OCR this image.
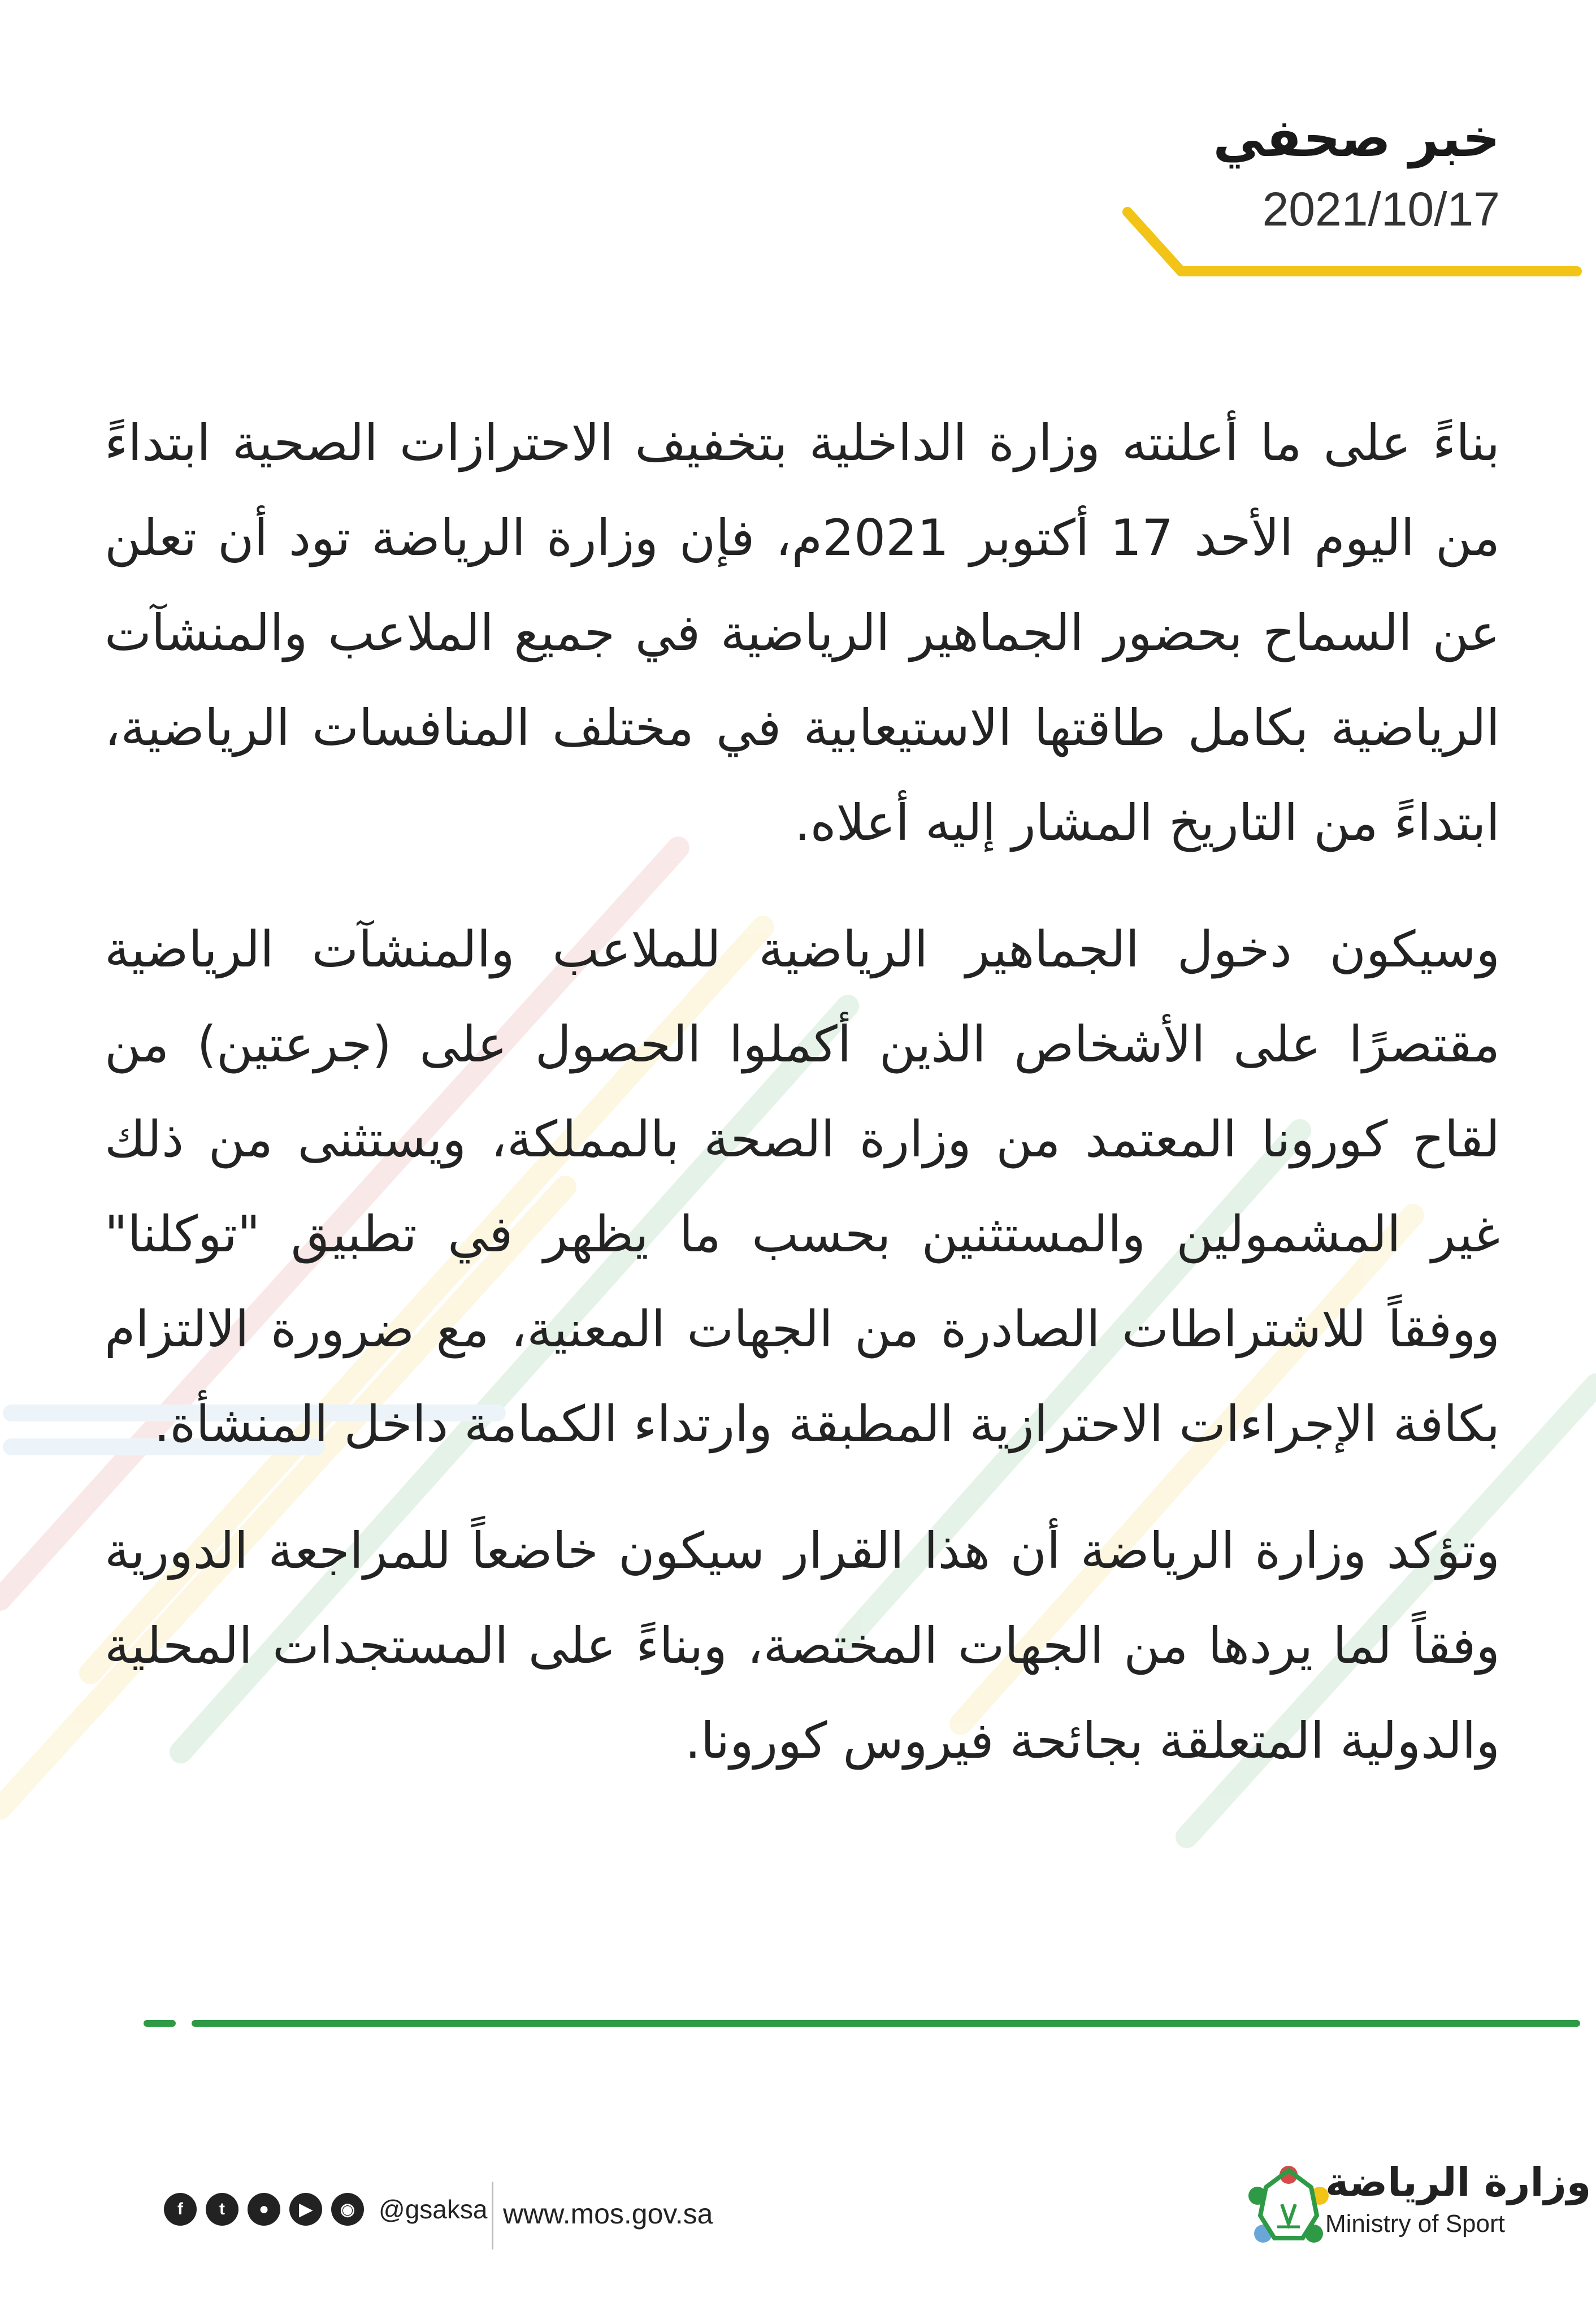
خبر صحفي
2021/10/17

بناءً على ما أعلنته وزارة الداخلية بتخفيف الاحترازات الصحية ابتداءً من اليوم الأحد 17 أكتوبر 2021م، فإن وزارة الرياضة تود أن تعلن عن السماح بحضور الجماهير الرياضية في جميع الملاعب والمنشآت الرياضية بكامل طاقتها الاستيعابية في مختلف المنافسات الرياضية، ابتداءً من التاريخ المشار إليه أعلاه.

وسيكون دخول الجماهير الرياضية للملاعب والمنشآت الرياضية مقتصرًا على الأشخاص الذين أكملوا الحصول على (جرعتين) من لقاح كورونا المعتمد من وزارة الصحة بالمملكة، ويستثنى من ذلك غير المشمولين والمستثنين بحسب ما يظهر في تطبيق "توكلنا" ووفقاً للاشتراطات الصادرة من الجهات المعنية، مع ضرورة الالتزام بكافة الإجراءات الاحترازية المطبقة وارتداء الكمامة داخل المنشأة.

وتؤكد وزارة الرياضة أن هذا القرار سيكون خاضعاً للمراجعة الدورية وفقاً لما يردها من الجهات المختصة، وبناءً على المستجدات المحلية والدولية المتعلقة بجائحة فيروس كورونا.

f	t	●	▶	◉ @gsaksa www.mos.gov.sa
وزارة الرياضة
Ministry of Sport
